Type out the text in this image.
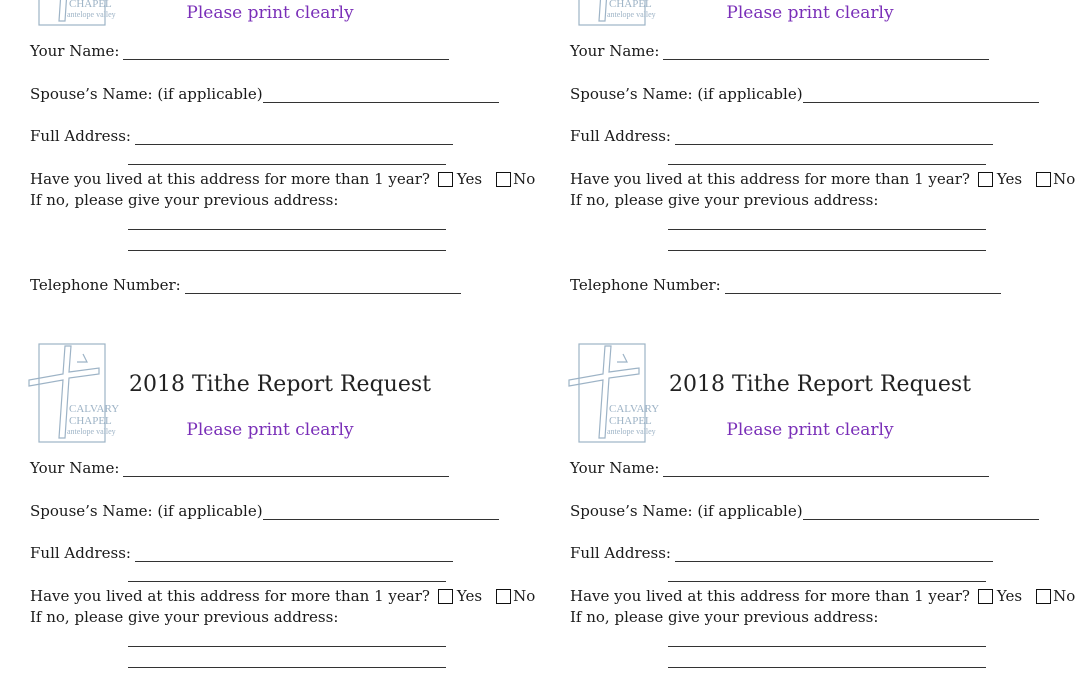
CHAPEL
antelope valley	Please print clearly
Your Name:
Spouse’s Name: (if applicable)
Full Address:
Have you lived at this address for more than 1 year? Yes No
If no, please give your previous address:
Telephone Number:
CHAPEL
antelope valley	Please print clearly
Your Name:
Spouse’s Name: (if applicable)
Full Address:
Have you lived at this address for more than 1 year? Yes No
If no, please give your previous address:
Telephone Number:
CALVARY
CHAPEL
antelope valley
2018 Tithe Report Request
Please print clearly
Your Name:
Spouse’s Name: (if applicable)
Full Address:
Have you lived at this address for more than 1 year? Yes No
If no, please give your previous address:
CALVARY
CHAPEL
antelope valley
2018 Tithe Report Request
Please print clearly
Your Name:
Spouse’s Name: (if applicable)
Full Address:
Have you lived at this address for more than 1 year? Yes No
If no, please give your previous address:
